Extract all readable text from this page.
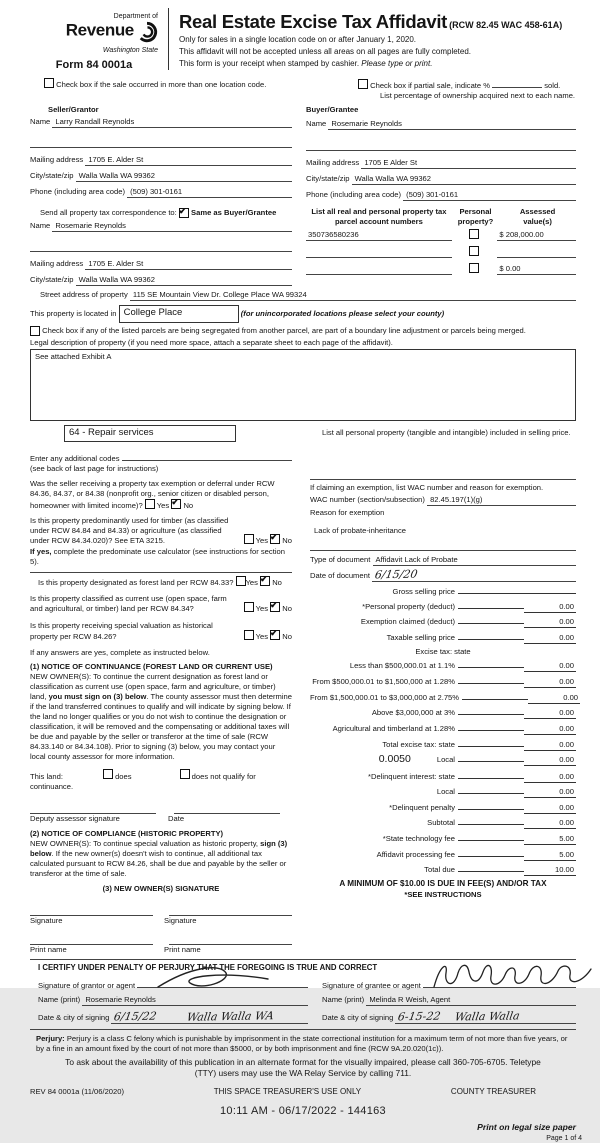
Department of
Revenue
Washington State
Form 84 0001a
Real Estate Excise Tax Affidavit (RCW 82.45 WAC 458-61A)
Only for sales in a single location code on or after January 1, 2020.
This affidavit will not be accepted unless all areas on all pages are fully completed.
This form is your receipt when stamped by cashier. Please type or print.
Check box if the sale occurred in more than one location code.	Check box if partial sale, indicate %	sold.
List percentage of ownership acquired next to each name.
Seller/Grantor
Name
Larry Randall Reynolds
Mailing address
1705 E. Alder St
City/state/zip
Walla Walla WA 99362
Phone (including area code)
(509) 301-0161
Send all property tax correspondence to:
✔
Same as Buyer/Grantee
Name
Rosemarie Reynolds
Mailing address
1705 E. Alder St
City/state/zip
Walla Walla WA 99362
Buyer/Grantee
Name
Rosemarie Reynolds
Mailing address
1705 E Alder St
City/state/zip
Walla Walla WA 99362
Phone (including area code)
(509) 301-0161
List all real and personal property tax
parcel account numbers
Personal
property?
Assessed
value(s)
350736580236	$ 208,000.00
$ 0.00
Street address of property
115 SE Mountain View Dr. College Place WA 99324
This property is located in
College Place
	(for unincorporated locations please select your county)

Check box if any of the listed parcels are being segregated from another parcel, are part of a boundary line adjustment or parcels being merged.
Legal description of property (if you need more space, attach a separate sheet to each page of the affidavit).
See attached Exhibit A
64 - Repair services
Enter any additional codes

(see back of last page for instructions)
List all personal property (tangible and intangible) included in selling price.
Was the seller receiving a property tax exemption or deferral under RCW 84.36, 84.37, or 84.38 (nonprofit org., senior citizen or disabled person, homeowner with limited income)? Yes ✔ No
Is this property predominantly used for timber (as classified under RCW 84.84 and 84.33) or agriculture (as classified under RCW 84.34.020)? See ETA 3215.	Yes ✔ No
If yes, complete the predominate use calculator (see instructions for section 5).
Is this property designated as forest land per RCW 84.33? Yes ✔ No
Is this property classified as current use (open space, farm and agricultural, or timber) land per RCW 84.34?	Yes ✔ No
Is this property receiving special valuation as historical property per RCW 84.26?	Yes ✔ No
If any answers are yes, complete as instructed below.
(1) NOTICE OF CONTINUANCE (FOREST LAND OR CURRENT USE)
NEW OWNER(S): To continue the current designation as forest land or classification as current use (open space, farm and agriculture, or timber) land, you must sign on (3) below. The county assessor must then determine if the land transferred continues to qualify and will indicate by signing below. If the land no longer qualifies or you do not wish to continue the designation or classification, it will be removed and the compensating or additional taxes will be due and payable by the seller or transferor at the time of sale (RCW 84.33.140 or 84.34.108). Prior to signing (3) below, you may contact your local county assessor for more information.
This land:
	does
	does not qualify for
continuance.
Deputy assessor signature	Date
(2) NOTICE OF COMPLIANCE (HISTORIC PROPERTY)
NEW OWNER(S): To continue special valuation as historic property, sign (3) below. If the new owner(s) doesn't wish to continue, all additional tax calculated pursuant to RCW 84.26, shall be due and payable by the seller or transferor at the time of sale.
(3) NEW OWNER(S) SIGNATURE
Signature	Signature
Print name	Print name
If claiming an exemption, list WAC number and reason for exemption.
WAC number (section/subsection)
82.45.197(1)(g)
Reason for exemption
Lack of probate-inheritance
Type of document
Affidavit Lack of Probate
Date of document
6/15/20
Gross selling price
*Personal property (deduct)	0.00
Exemption claimed (deduct)	0.00
Taxable selling price	0.00
Excise tax: state
Less than $500,000.01 at 1.1%	0.00
From $500,000.01 to $1,500,000 at 1.28%	0.00
From $1,500,000.01 to $3,000,000 at 2.75%	0.00
Above $3,000,000 at 3%	0.00
Agricultural and timberland at 1.28%	0.00
Total excise tax: state	0.00
0.0050	Local	0.00
*Delinquent interest: state	0.00
Local	0.00
*Delinquent penalty	0.00
Subtotal	0.00
*State technology fee	5.00
Affidavit processing fee	5.00
Total due	10.00
A MINIMUM OF $10.00 IS DUE IN FEE(S) AND/OR TAX
*SEE INSTRUCTIONS
I CERTIFY UNDER PENALTY OF PERJURY THAT THE FOREGOING IS TRUE AND CORRECT
Signature of grantor or agent

Name (print)
Rosemarie Reynolds
Date & city of signing
6/15/22	Walla Walla WA
Signature of grantee or agent

Name (print)
Melinda R Weish, Agent
Date & city of signing
6-15-22 Walla Walla
Perjury: Perjury is a class C felony which is punishable by imprisonment in the state correctional institution for a maximum term of not more than five years, or by a fine in an amount fixed by the court of not more than $5000, or by both imprisonment and fine (RCW 9A.20.020(1c)).
To ask about the availability of this publication in an alternate format for the visually impaired, please call 360-705-6705. Teletype
(TTY) users may use the WA Relay Service by calling 711.
REV 84 0001a (11/06/2020)	THIS SPACE TREASURER'S USE ONLY	COUNTY TREASURER
10:11 AM - 06/17/2022 - 144163
Print on legal size paper
Page 1 of 4
